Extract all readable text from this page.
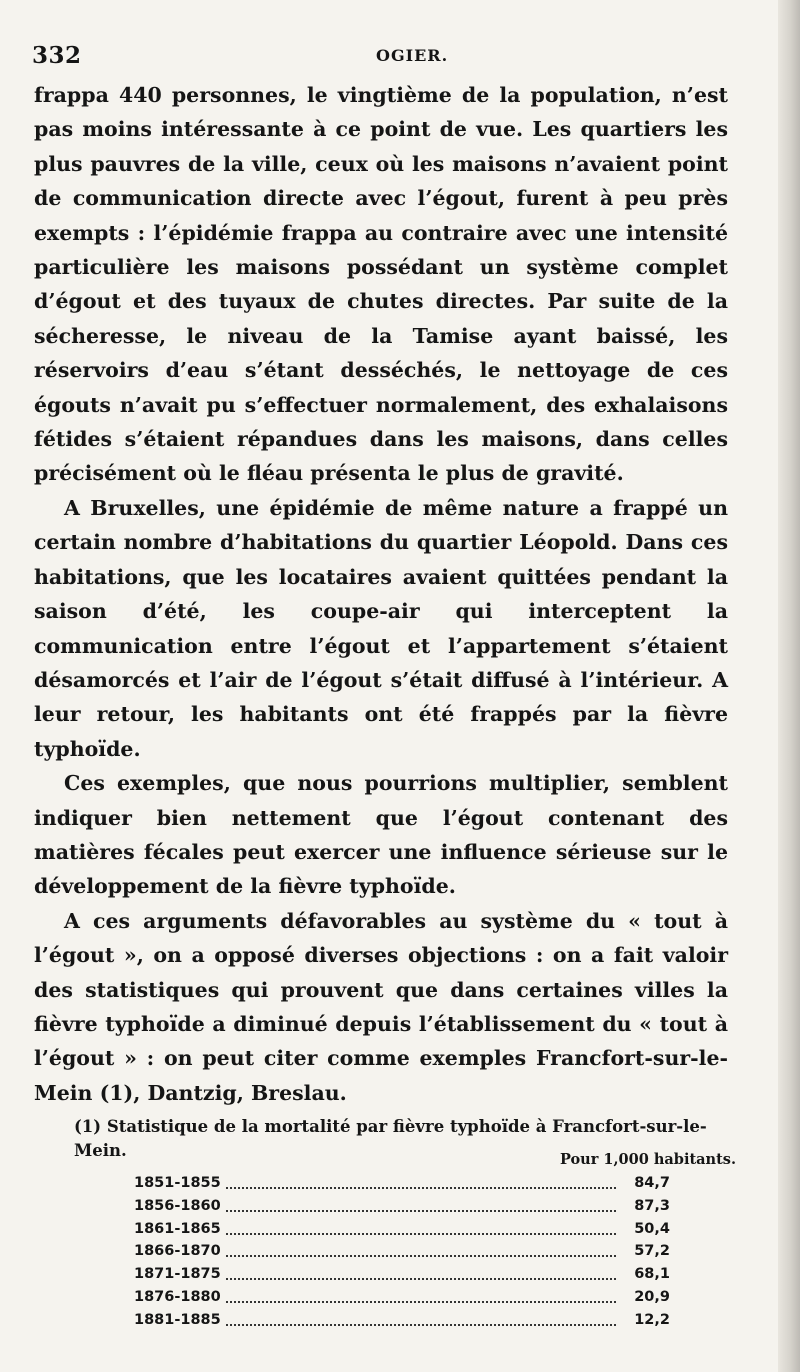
332	OGIER.

frappa 440 personnes, le vingtième de la population, n’est pas moins intéressante à ce point de vue. Les quartiers les plus pauvres de la ville, ceux où les maisons n’avaient point de communication directe avec l’égout, furent à peu près exempts : l’épidémie frappa au contraire avec une intensité particulière les maisons possédant un système complet d’égout et des tuyaux de chutes directes. Par suite de la sécheresse, le niveau de la Tamise ayant baissé, les réservoirs d’eau s’étant desséchés, le nettoyage de ces égouts n’avait pu s’effectuer normalement, des exhalaisons fétides s’étaient répandues dans les maisons, dans celles précisément où le fléau présenta le plus de gravité.

A Bruxelles, une épidémie de même nature a frappé un certain nombre d’habitations du quartier Léopold. Dans ces habitations, que les locataires avaient quittées pendant la saison d’été, les coupe-air qui interceptent la communication entre l’égout et l’appartement s’étaient désamorcés et l’air de l’égout s’était diffusé à l’intérieur. A leur retour, les habitants ont été frappés par la fièvre typhoïde.

Ces exemples, que nous pourrions multiplier, semblent indiquer bien nettement que l’égout contenant des matières fécales peut exercer une influence sérieuse sur le développement de la fièvre typhoïde.

A ces arguments défavorables au système du « tout à l’égout », on a opposé diverses objections : on a fait valoir des statistiques qui prouvent que dans certaines villes la fièvre typhoïde a diminué depuis l’établissement du « tout à l’égout » : on peut citer comme exemples Francfort-sur-le-Mein (1), Dantzig, Breslau.

(1) Statistique de la mortalité par fièvre typhoïde à Francfort-sur-le-Mein.	Pour 1,000 habitants.
1851-1855	84,7
1856-1860	87,3
1861-1865	50,4
1866-1870	57,2
1871-1875	68,1
1876-1880	20,9
1881-1885	12,2
